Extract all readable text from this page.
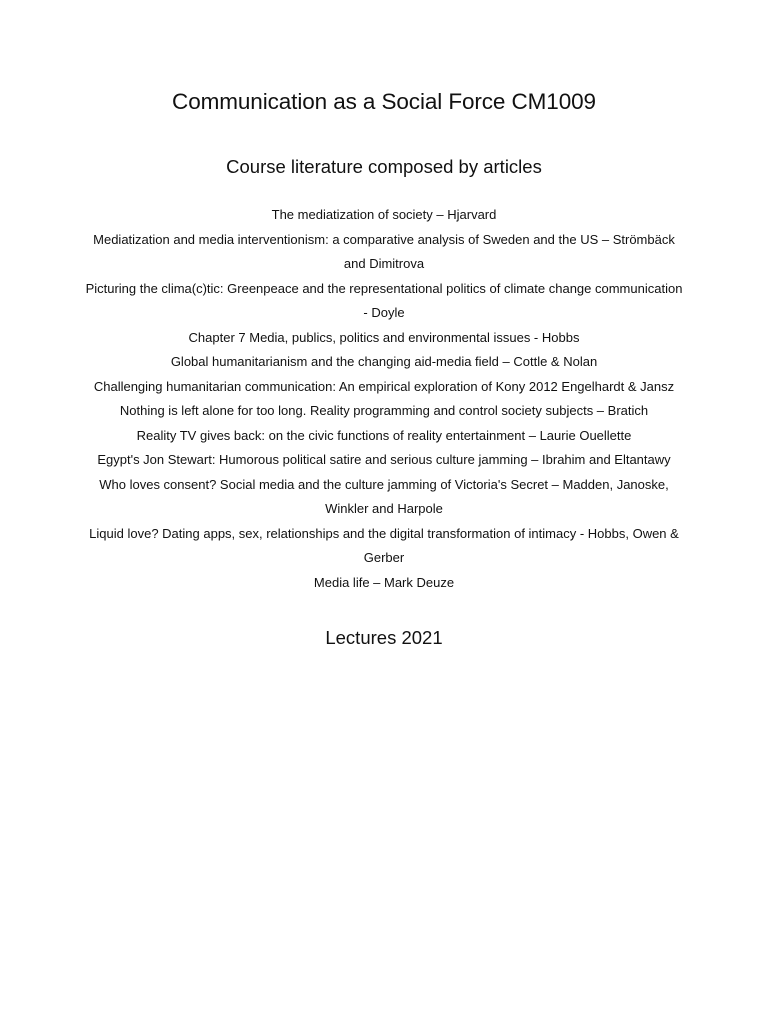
Communication as a Social Force CM1009
Course literature composed by articles
The mediatization of society – Hjarvard
Mediatization and media interventionism: a comparative analysis of Sweden and the US – Strömbäck and Dimitrova
Picturing the clima(c)tic: Greenpeace and the representational politics of climate change communication - Doyle
Chapter 7 Media, publics, politics and environmental issues - Hobbs
Global humanitarianism and the changing aid-media field – Cottle & Nolan
Challenging humanitarian communication: An empirical exploration of Kony 2012 Engelhardt & Jansz
Nothing is left alone for too long. Reality programming and control society subjects – Bratich
Reality TV gives back: on the civic functions of reality entertainment – Laurie Ouellette
Egypt's Jon Stewart: Humorous political satire and serious culture jamming – Ibrahim and Eltantawy
Who loves consent? Social media and the culture jamming of Victoria's Secret – Madden, Janoske, Winkler and Harpole
Liquid love? Dating apps, sex, relationships and the digital transformation of intimacy - Hobbs, Owen & Gerber
Media life – Mark Deuze
Lectures 2021
